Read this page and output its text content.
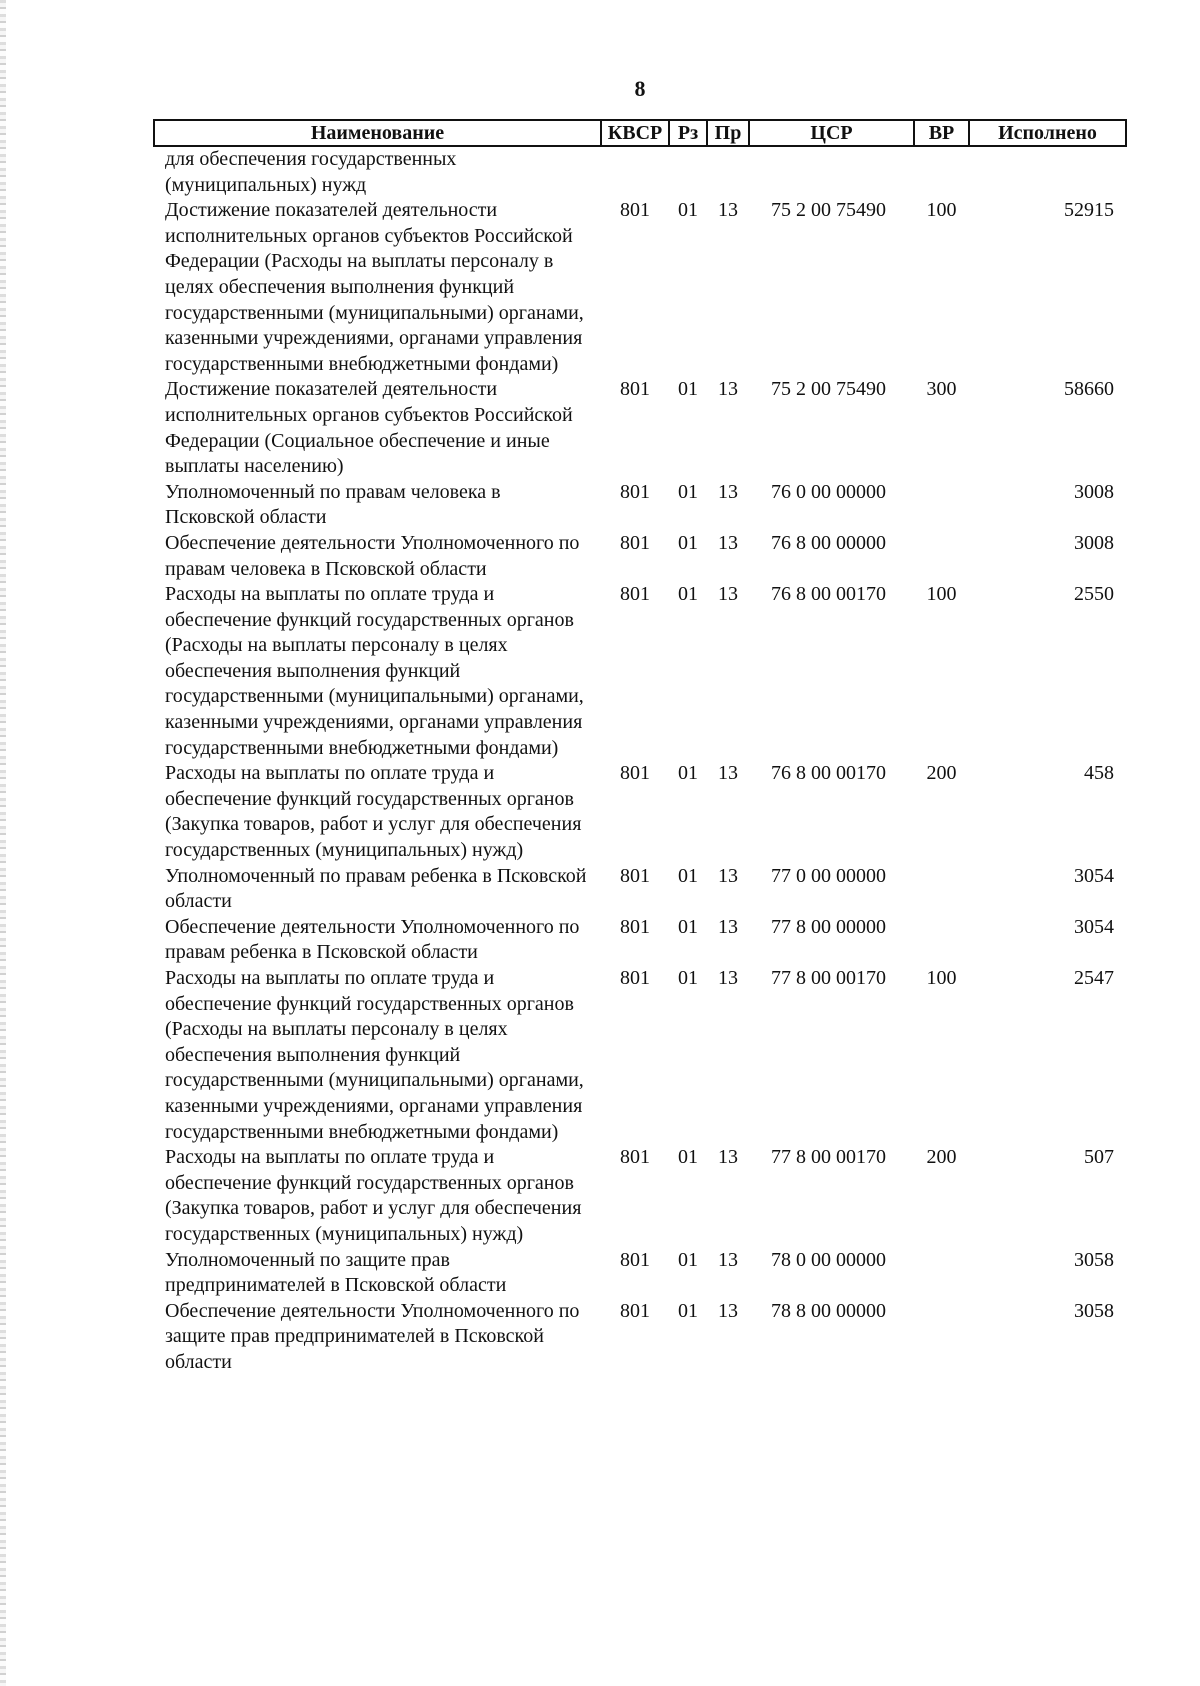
8
Наименование	КВСР	Рз	Пр	ЦСР	ВР	Исполнено
для обеспечения государственных (муниципальных) нужд						
Достижение показателей деятельности исполнительных органов субъектов Российской Федерации (Расходы на выплаты персоналу в целях обеспечения выполнения функций государственными (муниципальными) органами, казенными учреждениями, органами управления государственными внебюджетными фондами)	801	01	13	75 2 00 75490	100	52915
Достижение показателей деятельности исполнительных органов субъектов Российской Федерации (Социальное обеспечение и иные выплаты населению)	801	01	13	75 2 00 75490	300	58660
Уполномоченный по правам человека в Псковской области	801	01	13	76 0 00 00000		3008
Обеспечение деятельности Уполномоченного по правам человека в Псковской области	801	01	13	76 8 00 00000		3008
Расходы на выплаты по оплате труда и обеспечение функций государственных органов (Расходы на выплаты персоналу в целях обеспечения выполнения функций государственными (муниципальными) органами, казенными учреждениями, органами управления государственными внебюджетными фондами)	801	01	13	76 8 00 00170	100	2550
Расходы на выплаты по оплате труда и обеспечение функций государственных органов (Закупка товаров, работ и услуг для обеспечения государственных (муниципальных) нужд)	801	01	13	76 8 00 00170	200	458
Уполномоченный по правам ребенка в Псковской области	801	01	13	77 0 00 00000		3054
Обеспечение деятельности Уполномоченного по правам ребенка в Псковской области	801	01	13	77 8 00 00000		3054
Расходы на выплаты по оплате труда и обеспечение функций государственных органов (Расходы на выплаты персоналу в целях обеспечения выполнения функций государственными (муниципальными) органами, казенными учреждениями, органами управления государственными внебюджетными фондами)	801	01	13	77 8 00 00170	100	2547
Расходы на выплаты по оплате труда и обеспечение функций государственных органов (Закупка товаров, работ и услуг для обеспечения государственных (муниципальных) нужд)	801	01	13	77 8 00 00170	200	507
Уполномоченный по защите прав предпринимателей в Псковской области	801	01	13	78 0 00 00000		3058
Обеспечение деятельности Уполномоченного по защите прав предпринимателей в Псковской области	801	01	13	78 8 00 00000		3058
